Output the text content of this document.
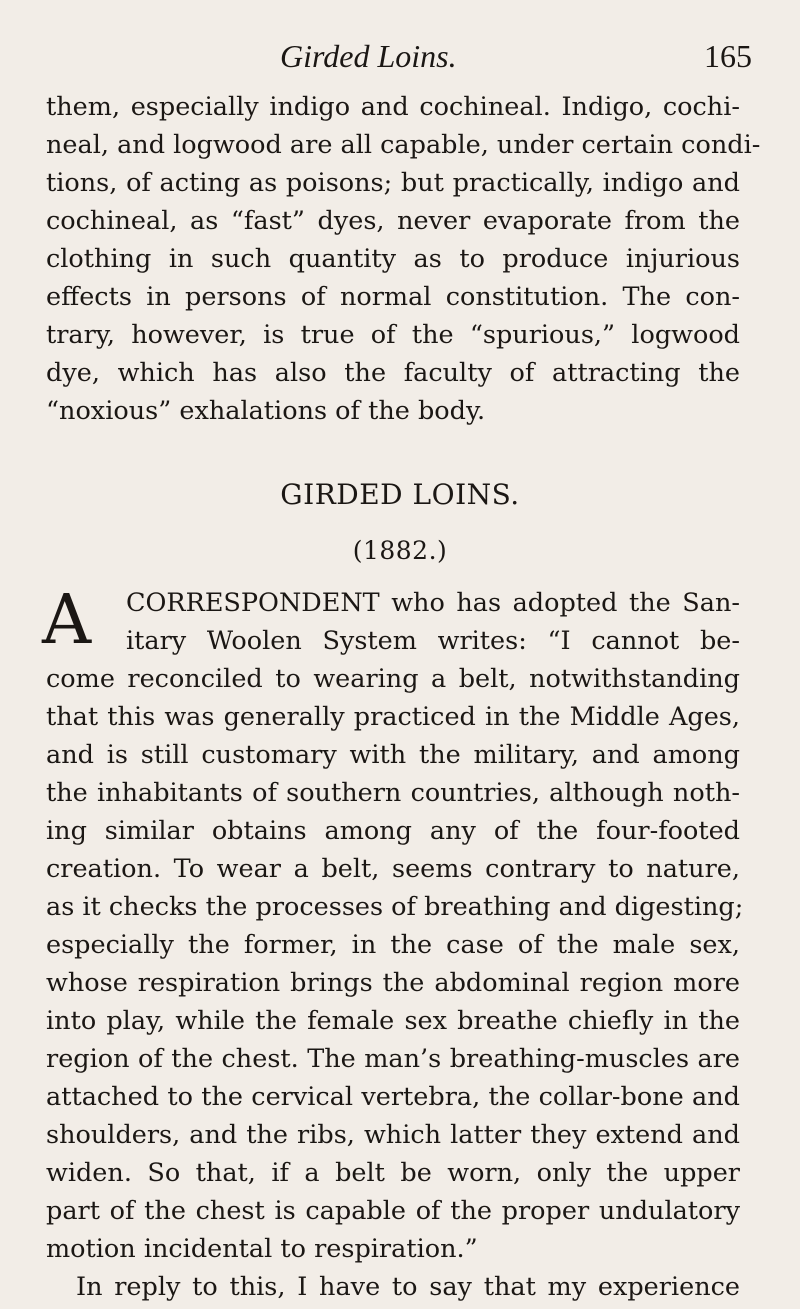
Girded Loins.	165
them, especially indigo and cochineal. Indigo, cochi-
neal, and logwood are all capable, under certain condi-
tions, of acting as poisons; but practically, indigo and
cochineal, as “fast” dyes, never evaporate from the
clothing in such quantity as to produce injurious
effects in persons of normal constitution. The con-
trary, however, is true of the “spurious,” logwood
dye, which has also the faculty of attracting the
“noxious” exhalations of the body.
GIRDED LOINS.
(1882.)
A CORRESPONDENT who has adopted the San-
itary Woolen System writes: “I cannot be-
come reconciled to wearing a belt, notwithstanding
that this was generally practiced in the Middle Ages,
and is still customary with the military, and among
the inhabitants of southern countries, although noth-
ing similar obtains among any of the four-footed
creation. To wear a belt, seems contrary to nature,
as it checks the processes of breathing and digesting;
especially the former, in the case of the male sex,
whose respiration brings the abdominal region more
into play, while the female sex breathe chiefly in the
region of the chest. The man’s breathing-muscles are
attached to the cervical vertebra, the collar-bone and
shoulders, and the ribs, which latter they extend and
widen. So that, if a belt be worn, only the upper
part of the chest is capable of the proper undulatory
motion incidental to respiration.”
In reply to this, I have to say that my experience
